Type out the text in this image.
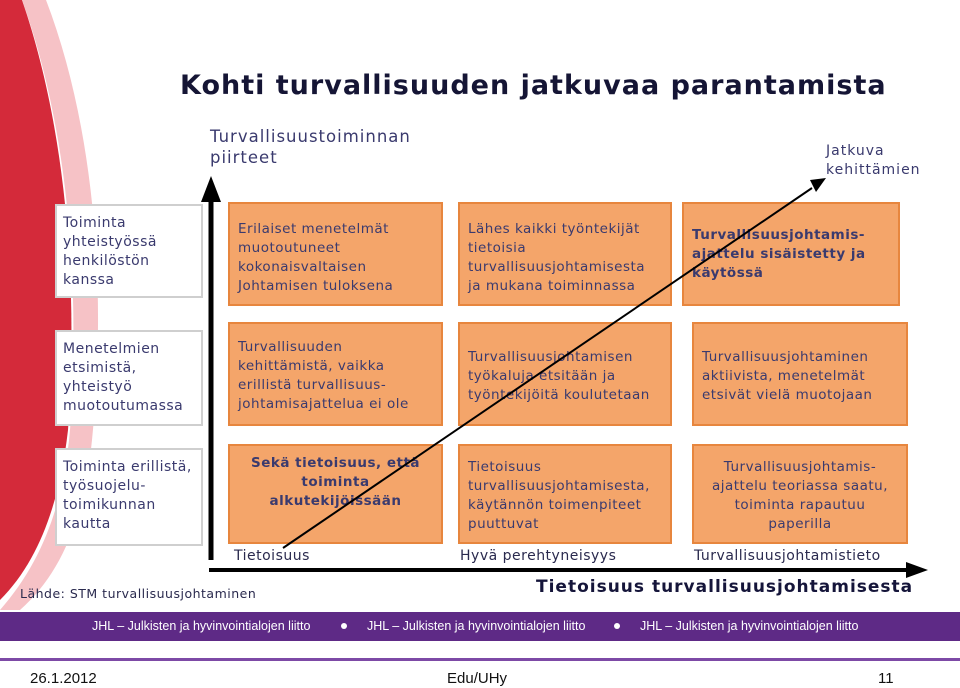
Kohti turvallisuuden jatkuvaa parantamista
Turvallisuustoiminnan piirteet	Jatkuva kehittämien
Toiminta yhteistyössä henkilöstön kanssa
Menetelmien etsimistä, yhteistyö muotoutumassa
Toiminta erillistä, työsuojelu-toimikunnan kautta
Erilaiset menetelmät muotoutuneet kokonaisvaltaisen Johtamisen tuloksena
Lähes kaikki työntekijät tietoisia turvallisuusjohtamisesta ja mukana toiminnassa
Turvallisuusjohtamis-ajattelu sisäistetty ja käytössä
Turvallisuuden kehittämistä, vaikka erillistä turvallisuus-johtamisajattelua ei ole
Turvallisuusjohtamisen työkaluja etsitään ja työntekijöitä koulutetaan
Turvallisuusjohtaminen aktiivista, menetelmät etsivät vielä muotojaan
Sekä tietoisuus, että toiminta alkutekijöissään
Tietoisuus turvallisuusjohtamisesta, käytännön toimenpiteet puuttuvat
Turvallisuusjohtamis-ajattelu teoriassa saatu, toiminta rapautuu paperilla
Tietoisuus	Hyvä perehtyneisyys	Turvallisuusjohtamistieto
Lähde: STM turvallisuusjohtaminen	Tietoisuus turvallisuusjohtamisesta
JHL – Julkisten ja hyvinvointialojen liitto	JHL – Julkisten ja hyvinvointialojen liitto	JHL – Julkisten ja hyvinvointialojen liitto
26.1.2012	Edu/UHy	11
